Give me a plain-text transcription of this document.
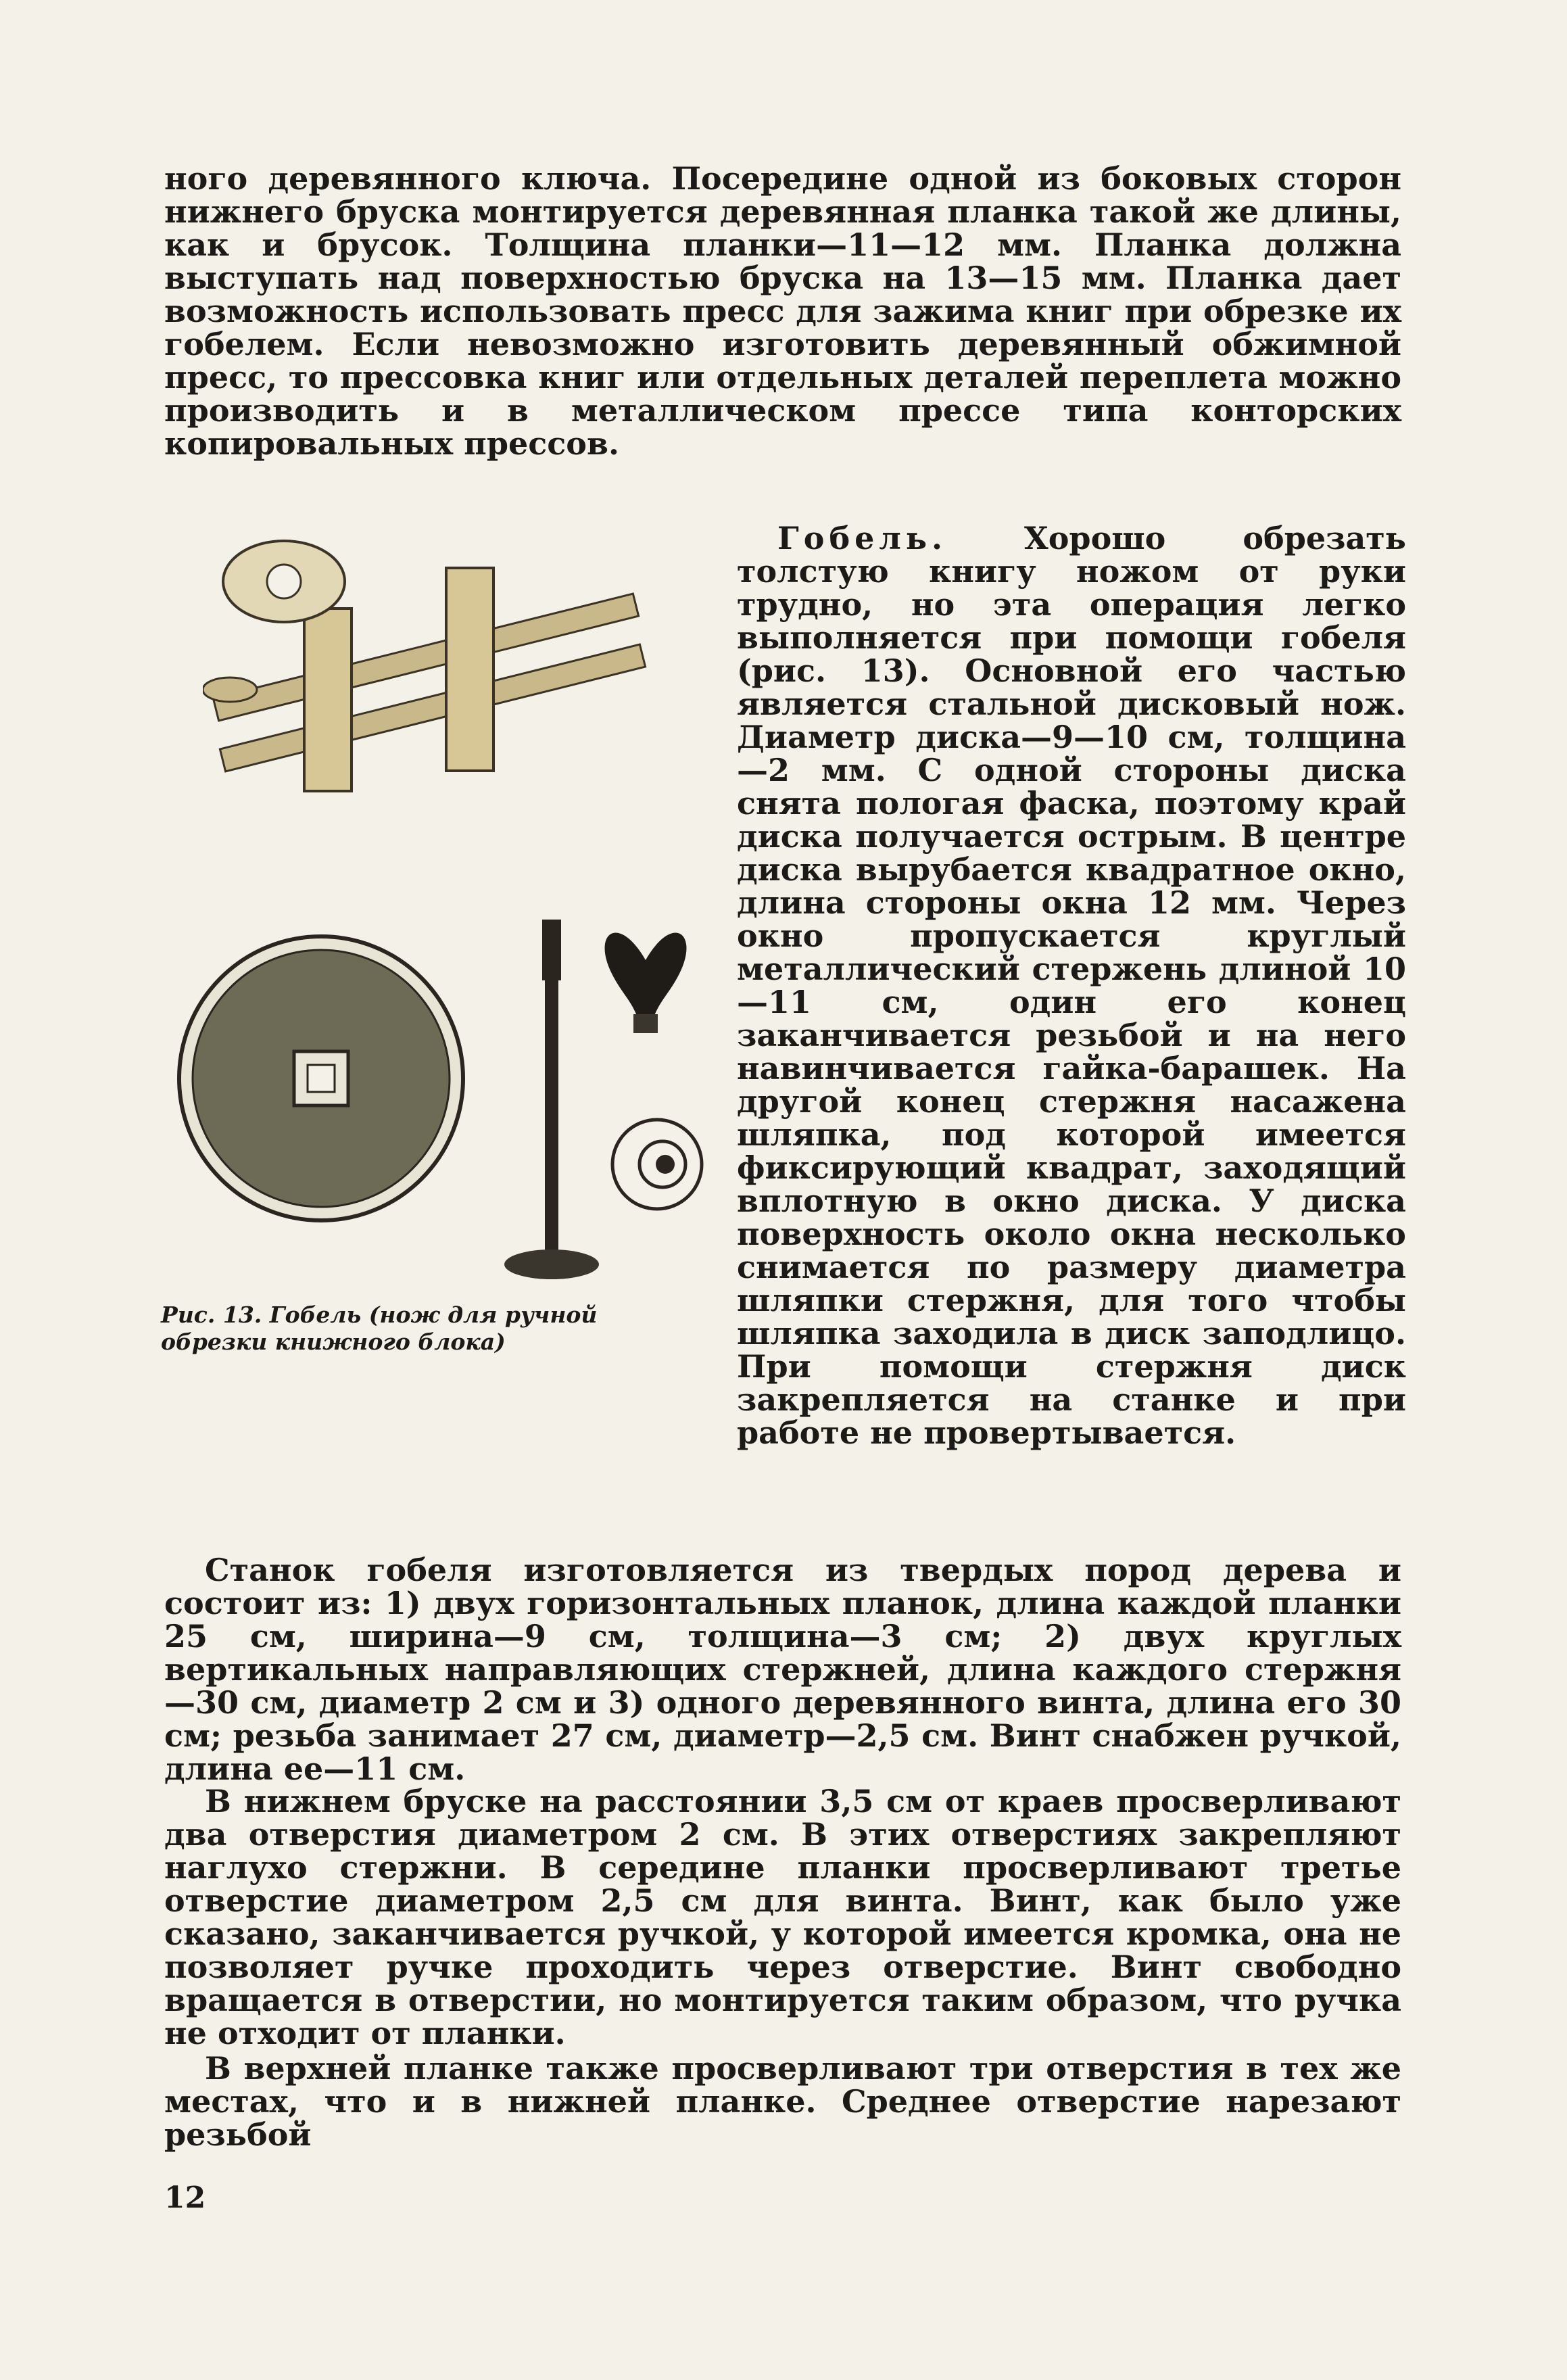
ного деревянного ключа. Посередине одной из боковых сторон нижнего бруска монтируется деревянная планка такой же длины, как и брусок. Толщина планки—11—12 мм. Планка должна выступать над поверхностью бруска на 13—15 мм. Планка дает возможность использовать пресс для зажима книг при обрезке их гобелем. Если невозможно изготовить деревянный обжимной пресс, то прессовка книг или отдельных деталей переплета можно производить и в металлическом прессе типа конторских копировальных прессов.

Гобель. Хорошо обрезать толстую книгу ножом от руки трудно, но эта операция легко выполняется при помощи гобеля (рис. 13). Основной его частью является стальной дисковый нож. Диаметр диска—9—10 см, толщина—2 мм. С одной стороны диска снята пологая фаска, поэтому край диска получается острым. В центре диска вырубается квадратное окно, длина стороны окна 12 мм. Через окно пропускается круглый металлический стержень длиной 10—11 см, один его конец заканчивается резьбой и на него навинчивается гайка-барашек. На другой конец стержня насажена шляпка, под которой имеется фиксирующий квадрат, заходящий вплотную в окно диска. У диска поверхность около окна несколько снимается по размеру диаметра шляпки стержня, для того чтобы шляпка заходила в диск заподлицо. При помощи стержня диск закрепляется на станке и при работе не провертывается.

Рис. 13. Гобель (нож для ручной обрезки книжного блока)

Станок гобеля изготовляется из твердых пород дерева и состоит из: 1) двух горизонтальных планок, длина каждой планки 25 см, ширина—9 см, толщина—3 см; 2) двух круглых вертикальных направляющих стержней, длина каждого стержня—30 см, диаметр 2 см и 3) одного деревянного винта, длина его 30 см; резьба занимает 27 см, диаметр—2,5 см. Винт снабжен ручкой, длина ее—11 см.

В нижнем бруске на расстоянии 3,5 см от краев просверливают два отверстия диаметром 2 см. В этих отверстиях закрепляют наглухо стержни. В середине планки просверливают третье отверстие диаметром 2,5 см для винта. Винт, как было уже сказано, заканчивается ручкой, у которой имеется кромка, она не позволяет ручке проходить через отверстие. Винт свободно вращается в отверстии, но монтируется таким образом, что ручка не отходит от планки.

В верхней планке также просверливают три отверстия в тех же местах, что и в нижней планке. Среднее отверстие нарезают резьбой

12
